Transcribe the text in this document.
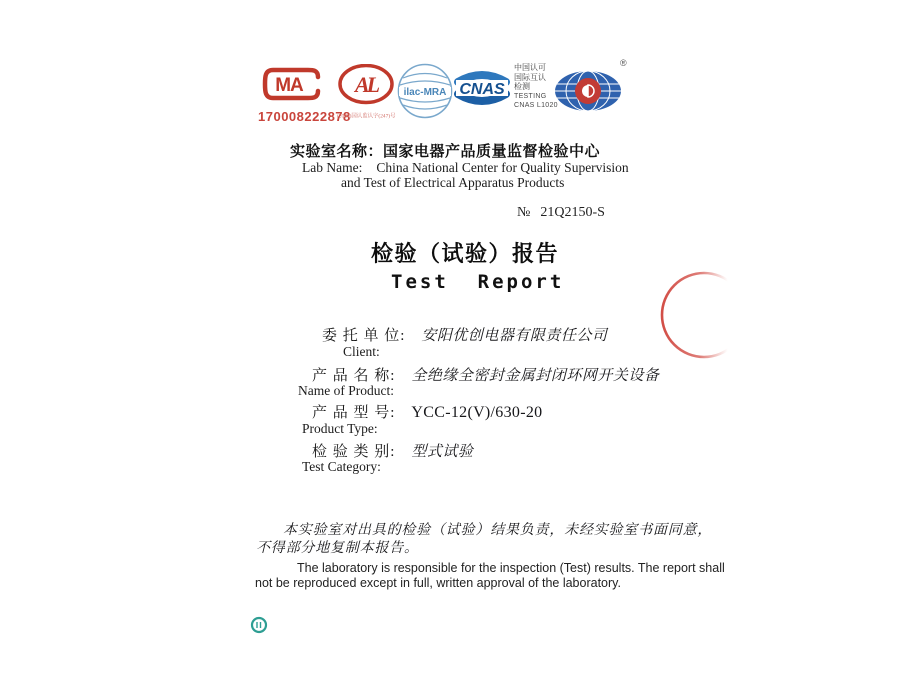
MA
170008222878
AL
(2020)国认监认字(247)号
ilac-MRA CNAS
中国认可
国际互认
检测
TESTING
CNAS L1020
®
实验室名称：国家电器产品质量监督检验中心
Lab Name: China National Center for Quality Supervision
and Test of Electrical Apparatus Products
№ 21Q2150-S
检验（试验）报告
Test  Report
委 托 单 位: 安阳优创电器有限责任公司
Client:
产 品 名 称: 全绝缘全密封金属封闭环网开关设备
Name of Product:
产 品 型 号: YCC-12(V)/630-20
Product Type:
检 验 类 别: 型式试验
Test Category:
本实验室对出具的检验（试验）结果负责，未经实验室书面同意，
不得部分地复制本报告。
The laboratory is responsible for the inspection (Test) results. The report shall
not be reproduced except in full, written approval of the laboratory.
